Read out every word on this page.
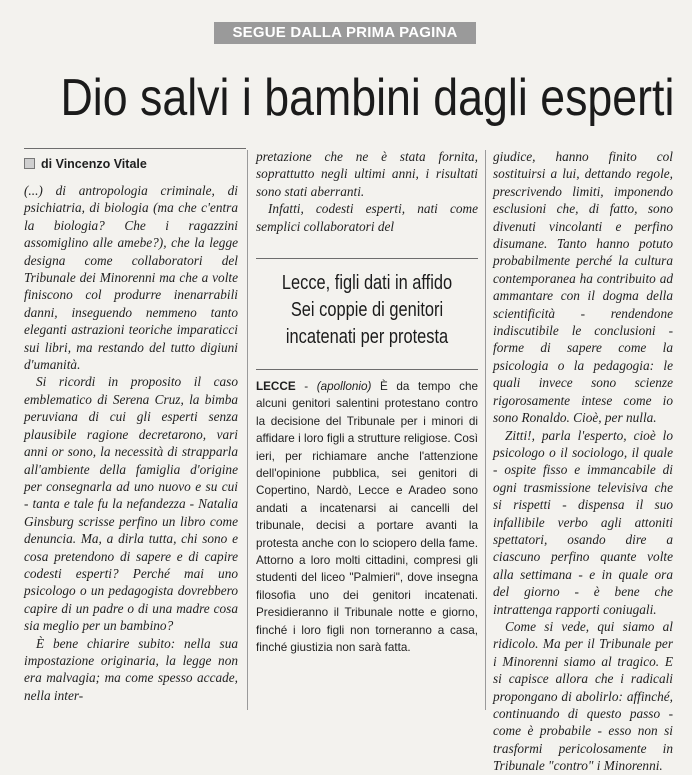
SEGUE DALLA PRIMA PAGINA
Dio salvi i bambini dagli esperti
di Vincenzo Vitale

(...) di antropologia criminale, di psichiatria, di biologia (ma che c'entra la biologia? Che i ragazzini assomiglino alle amebe?), che la legge designa come collaboratori del Tribunale dei Minorenni ma che a volte finiscono col produrre inenarrabili danni, inseguendo nemmeno tanto eleganti astrazioni teoriche imparaticci sui libri, ma restando del tutto digiuni d'umanità.

Si ricordi in proposito il caso emblematico di Serena Cruz, la bimba peruviana di cui gli esperti senza plausibile ragione decretarono, vari anni or sono, la necessità di strapparla all'ambiente della famiglia d'origine per consegnarla ad uno nuovo e su cui - tanta e tale fu la nefandezza - Natalia Ginsburg scrisse perfino un libro come denuncia. Ma, a dirla tutta, chi sono e cosa pretendono di sapere e di capire codesti esperti? Perché mai uno psicologo o un pedagogista dovrebbero capire di un padre o di una madre cosa sia meglio per un bambino?

È bene chiarire subito: nella sua impostazione originaria, la legge non era malvagia; ma come spesso accade, nella inter-

pretazione che ne è stata fornita, soprattutto negli ultimi anni, i risultati sono stati aberranti.

Infatti, codesti esperti, nati come semplici collaboratori del

Lecce, figli dati in affido
Sei coppie di genitori
incatenati per protesta
LECCE - (apollonio) È da tempo che alcuni genitori salentini protestano contro la decisione del Tribunale per i minori di affidare i loro figli a strutture religiose. Così ieri, per richiamare anche l'attenzione dell'opinione pubblica, sei genitori di Copertino, Nardò, Lecce e Aradeo sono andati a incatenarsi ai cancelli del tribunale, decisi a portare avanti la protesta anche con lo sciopero della fame. Attorno a loro molti cittadini, compresi gli studenti del liceo "Palmieri", dove insegna filosofia uno dei genitori incatenati. Presidieranno il Tribunale notte e giorno, finché i loro figli non torneranno a casa, finché giustizia non sarà fatta.

giudice, hanno finito col sostituirsi a lui, dettando regole, prescrivendo limiti, imponendo esclusioni che, di fatto, sono divenuti vincolanti e perfino disumane. Tanto hanno potuto probabilmente perché la cultura contemporanea ha contribuito ad ammantare con il dogma della scientificità - rendendone indiscutibile le conclusioni - forme di sapere come la psicologia o la pedagogia: le quali invece sono scienze rigorosamente intese come io sono Ronaldo. Cioè, per nulla.

Zitti!, parla l'esperto, cioè lo psicologo o il sociologo, il quale - ospite fisso e immancabile di ogni trasmissione televisiva che si rispetti - dispensa il suo infallibile verbo agli attoniti spettatori, osando dire a ciascuno perfino quante volte alla settimana - e in quale ora del giorno - è bene che intrattenga rapporti coniugali.

Come si vede, qui siamo al ridicolo. Ma per il Tribunale per i Minorenni siamo al tragico. E si capisce allora che i radicali propongano di abolirlo: affinché, continuando di questo passo - come è probabile - esso non si trasformi pericolosamente in Tribunale "contro" i Minorenni.
